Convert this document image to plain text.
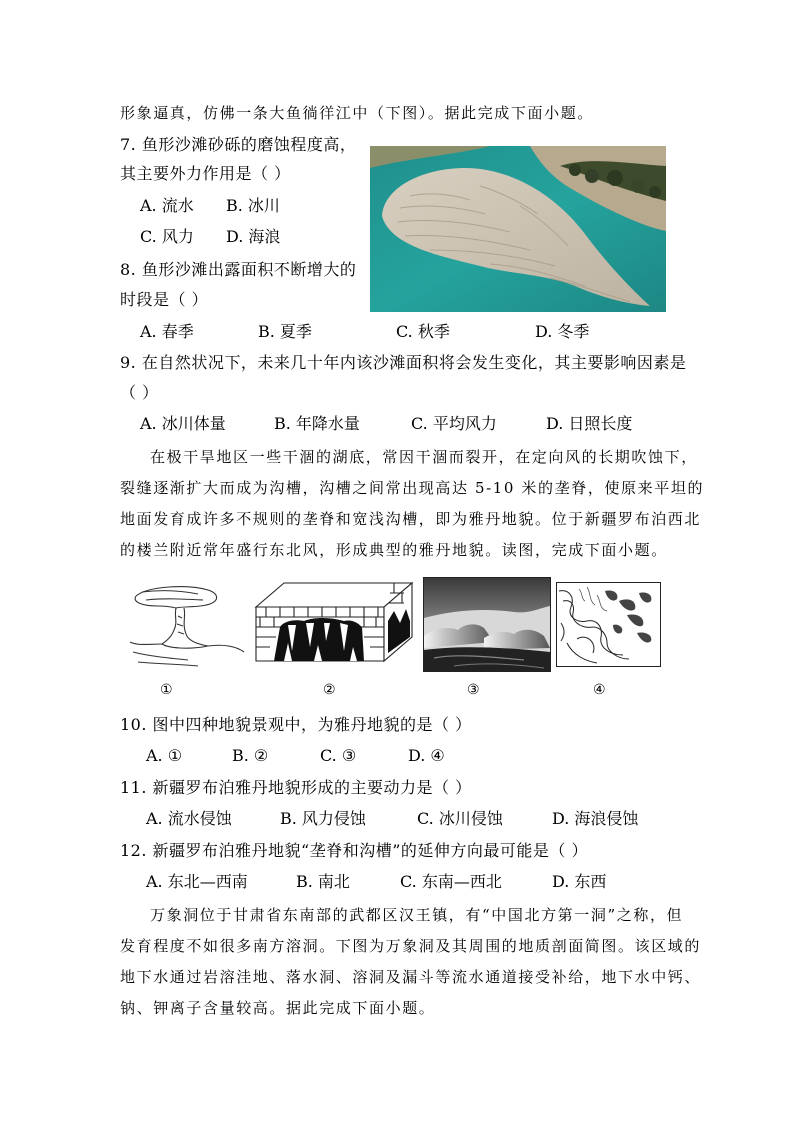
形象逼真，仿佛一条大鱼徜徉江中（下图）。据此完成下面小题。
7. 鱼形沙滩砂砾的磨蚀程度高，
其主要外力作用是（ ）
A. 流水 B. 冰川
C. 风力 D. 海浪
8. 鱼形沙滩出露面积不断增大的
时段是（ ）
A. 春季	B. 夏季	C. 秋季	D. 冬季
9. 在自然状况下，未来几十年内该沙滩面积将会发生变化，其主要影响因素是
（ ）
A. 冰川体量	B. 年降水量	C. 平均风力	D. 日照长度
在极干旱地区一些干涸的湖底，常因干涸而裂开，在定向风的长期吹蚀下，
裂缝逐渐扩大而成为沟槽，沟槽之间常出现高达 5-10 米的垄脊，使原来平坦的
地面发育成许多不规则的垄脊和宽浅沟槽，即为雅丹地貌。位于新疆罗布泊西北
的楼兰附近常年盛行东北风，形成典型的雅丹地貌。读图，完成下面小题。
①	②	③	④
10. 图中四种地貌景观中，为雅丹地貌的是（ ）
A. ①	B. ②	C. ③	D. ④
11. 新疆罗布泊雅丹地貌形成的主要动力是（ ）
A. 流水侵蚀	B. 风力侵蚀	C. 冰川侵蚀	D. 海浪侵蚀
12. 新疆罗布泊雅丹地貌“垄脊和沟槽”的延伸方向最可能是（ ）
A. 东北—西南	B. 南北	C. 东南—西北	D. 东西
万象洞位于甘肃省东南部的武都区汉王镇，有“中国北方第一洞”之称，但
发育程度不如很多南方溶洞。下图为万象洞及其周围的地质剖面简图。该区域的
地下水通过岩溶洼地、落水洞、溶洞及漏斗等流水通道接受补给，地下水中钙、
钠、钾离子含量较高。据此完成下面小题。
